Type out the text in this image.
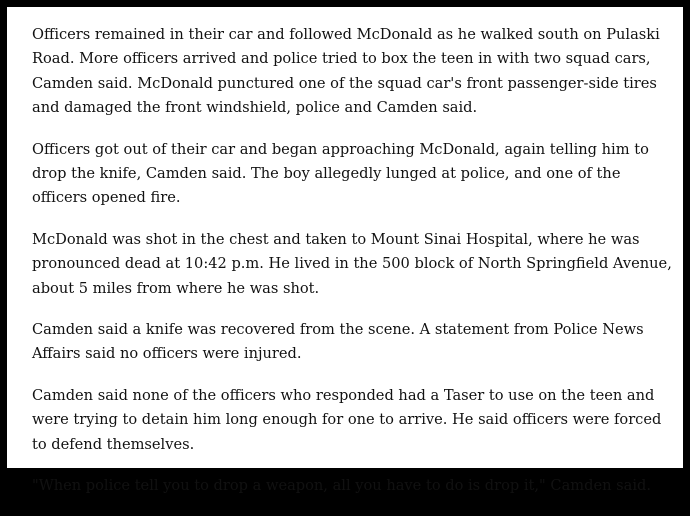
Officers remained in their car and followed McDonald as he walked south on Pulaski Road. More officers arrived and police tried to box the teen in with two squad cars, Camden said. McDonald punctured one of the squad car's front passenger-side tires and damaged the front windshield, police and Camden said.

Officers got out of their car and began approaching McDonald, again telling him to drop the knife, Camden said. The boy allegedly lunged at police, and one of the officers opened fire.

McDonald was shot in the chest and taken to Mount Sinai Hospital, where he was pronounced dead at 10:42 p.m. He lived in the 500 block of North Springfield Avenue, about 5 miles from where he was shot.

Camden said a knife was recovered from the scene. A statement from Police News Affairs said no officers were injured.

Camden said none of the officers who responded had a Taser to use on the teen and were trying to detain him long enough for one to arrive. He said officers were forced to defend themselves.

"When police tell you to drop a weapon, all you have to do is drop it," Camden said.
